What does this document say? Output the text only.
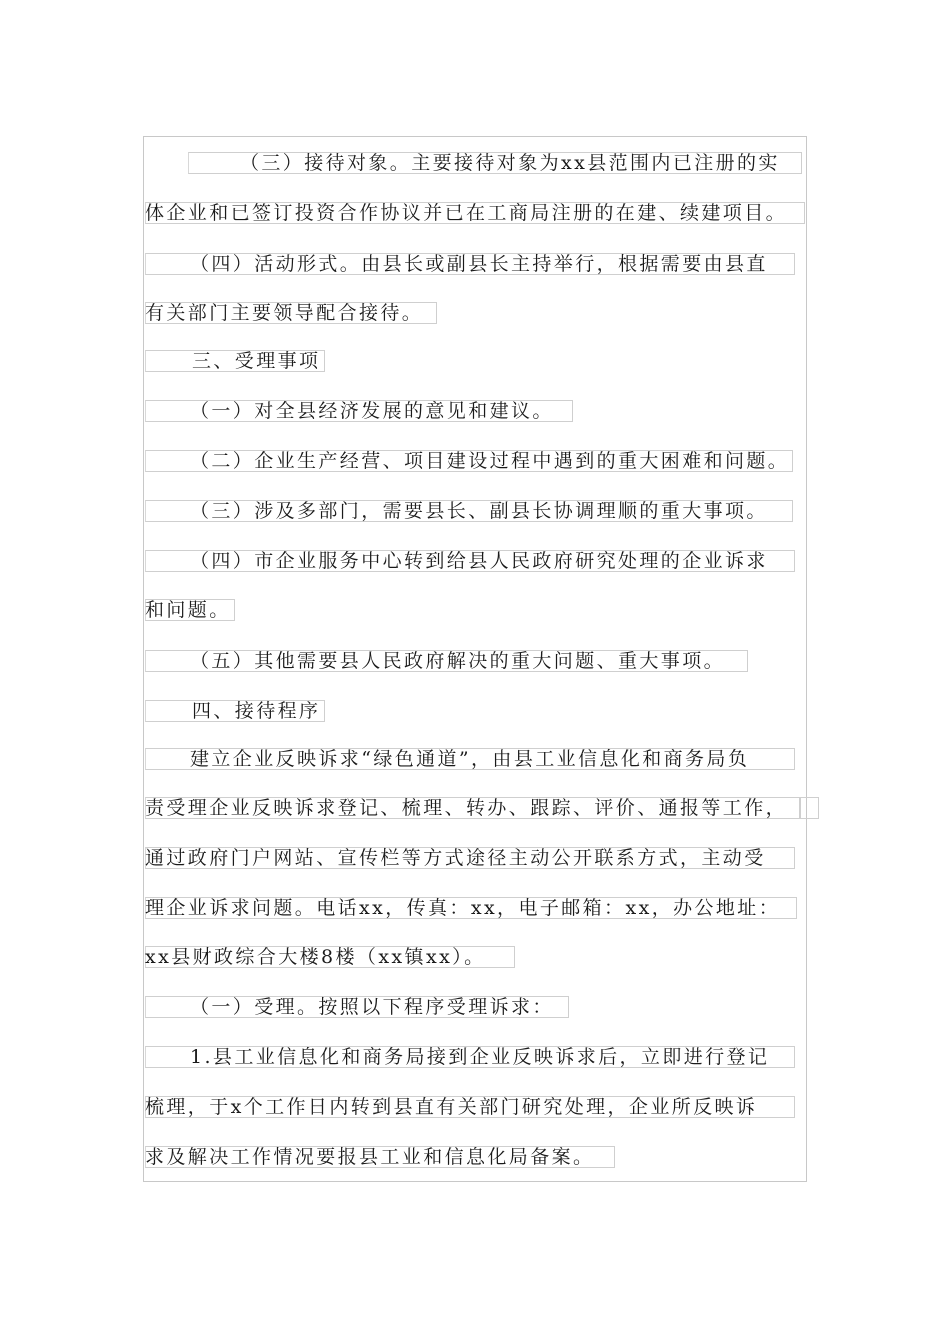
（三）接待对象。主要接待对象为xx县范围内已注册的实
体企业和已签订投资合作协议并已在工商局注册的在建、续建项目。
（四）活动形式。由县长或副县长主持举行，根据需要由县直
有关部门主要领导配合接待。
三、受理事项
（一）对全县经济发展的意见和建议。
（二）企业生产经营、项目建设过程中遇到的重大困难和问题。
（三）涉及多部门，需要县长、副县长协调理顺的重大事项。
（四）市企业服务中心转到给县人民政府研究处理的企业诉求
和问题。
（五）其他需要县人民政府解决的重大问题、重大事项。
四、接待程序
建立企业反映诉求“绿色通道”，由县工业信息化和商务局负
责受理企业反映诉求登记、梳理、转办、跟踪、评价、通报等工作，
通过政府门户网站、宣传栏等方式途径主动公开联系方式，主动受
理企业诉求问题。电话xx，传真：xx，电子邮箱：xx，办公地址：
xx县财政综合大楼8楼（xx镇xx）。
（一）受理。按照以下程序受理诉求：
1.县工业信息化和商务局接到企业反映诉求后，立即进行登记
梳理，于x个工作日内转到县直有关部门研究处理，企业所反映诉
求及解决工作情况要报县工业和信息化局备案。
